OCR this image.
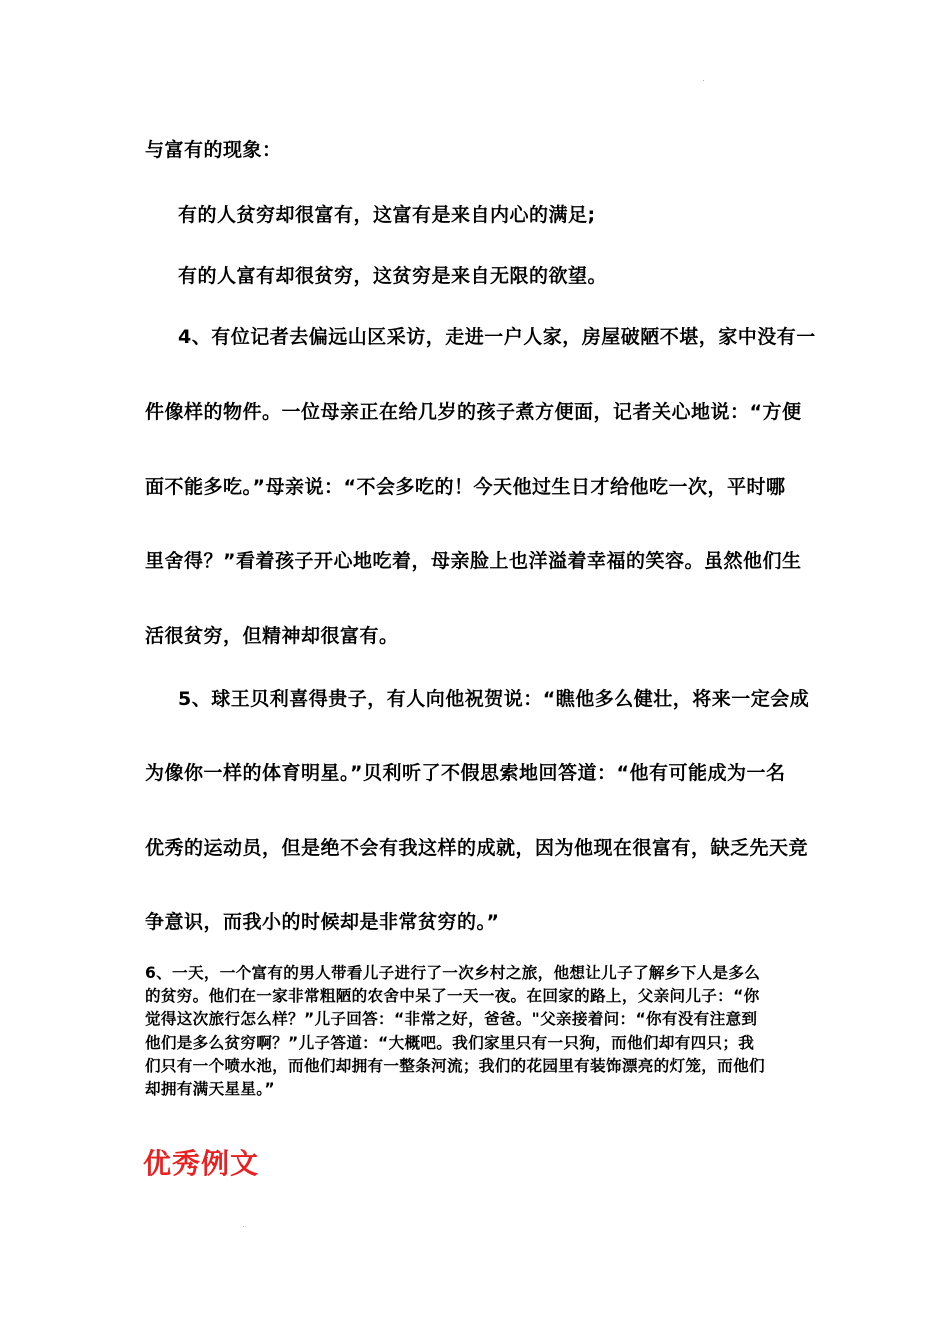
与富有的现象：
有的人贫穷却很富有，这富有是来自内心的满足;
有的人富有却很贫穷，这贫穷是来自无限的欲望。
4、有位记者去偏远山区采访，走进一户人家，房屋破陋不堪，家中没有一
件像样的物件。一位母亲正在给几岁的孩子煮方便面，记者关心地说：“方便
面不能多吃。”母亲说：“不会多吃的！今天他过生日才给他吃一次，平时哪
里舍得？”看着孩子开心地吃着，母亲脸上也洋溢着幸福的笑容。虽然他们生
活很贫穷，但精神却很富有。
5、球王贝利喜得贵子，有人向他祝贺说：“瞧他多么健壮，将来一定会成
为像你一样的体育明星。”贝利听了不假思索地回答道：“他有可能成为一名
优秀的运动员，但是绝不会有我这样的成就，因为他现在很富有，缺乏先天竞
争意识，而我小的时候却是非常贫穷的。”
6、一天，一个富有的男人带看儿子进行了一次乡村之旅，他想让儿子了解乡下人是多么
的贫穷。他们在一家非常粗陋的农舍中呆了一天一夜。在回家的路上，父亲问儿子：“你
觉得这次旅行怎么样？”儿子回答：“非常之好，爸爸。"父亲接着问：“你有没有注意到
他们是多么贫穷啊？”儿子答道：“大概吧。我们家里只有一只狗，而他们却有四只；我
们只有一个喷水池，而他们却拥有一整条河流；我们的花园里有装饰漂亮的灯笼，而他们
却拥有满天星星。”
优秀例文
